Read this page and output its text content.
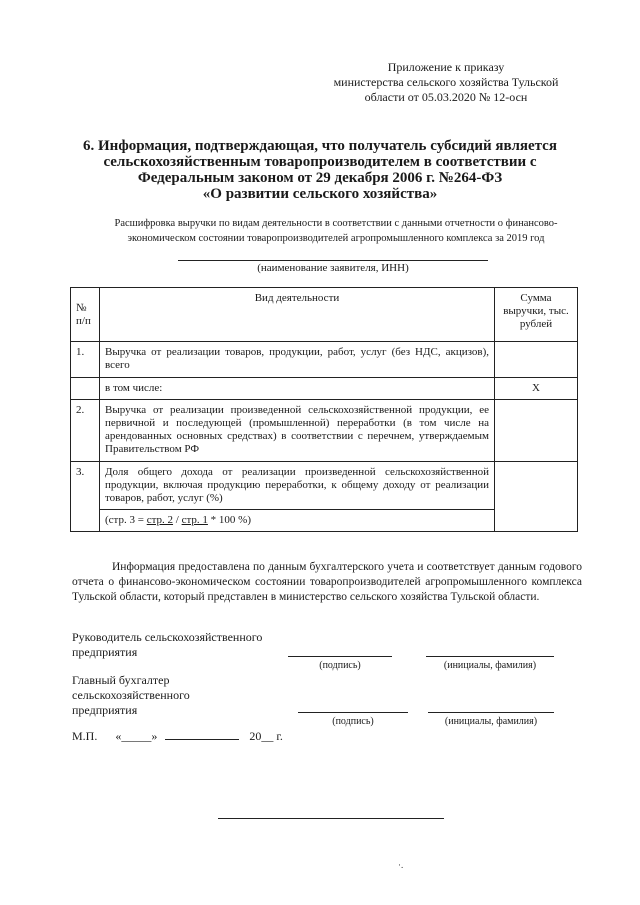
Приложение к приказу
министерства сельского хозяйства Тульской
области от 05.03.2020 № 12-осн
6. Информация, подтверждающая, что получатель субсидий является
сельскохозяйственным товаропроизводителем в соответствии с
Федеральным законом от 29 декабря 2006 г. №264-ФЗ
«О развитии сельского хозяйства»
Расшифровка выручки по видам деятельности в соответствии с данными отчетности о финансово-
экономическом состоянии товаропроизводителей агропромышленного комплекса за 2019 год
(наименование заявителя, ИНН)
№ п/п	Вид деятельности	Сумма выручки, тыс. рублей
1.	Выручка от реализации товаров, продукции, работ, услуг (без НДС, акцизов), всего	
	в том числе:	Х
2.	Выручка от реализации произведенной сельскохозяйственной продукции, ее первичной и последующей (промышленной) переработки (в том числе на арендованных основных средствах) в соответствии с перечнем, утверждаемым Правительством РФ	
3.	Доля общего дохода от реализации произведенной сельскохозяйственной продукции, включая продукцию переработки, к общему доходу от реализации товаров, работ, услуг (%)	
	(стр. 3 = стр. 2 / стр. 1 * 100 %)	
Информация предоставлена по данным бухгалтерского учета и соответствует данным годового отчета о финансово-экономическом состоянии товаропроизводителей агропромышленного комплекса Тульской области, который представлен в министерство сельского хозяйства Тульской области.
Руководитель сельскохозяйственного
предприятия
(подпись)	(инициалы, фамилия)
Главный бухгалтер
сельскохозяйственного
предприятия
(подпись)	(инициалы, фамилия)
М.П. «_____»	20__ г.
·.
